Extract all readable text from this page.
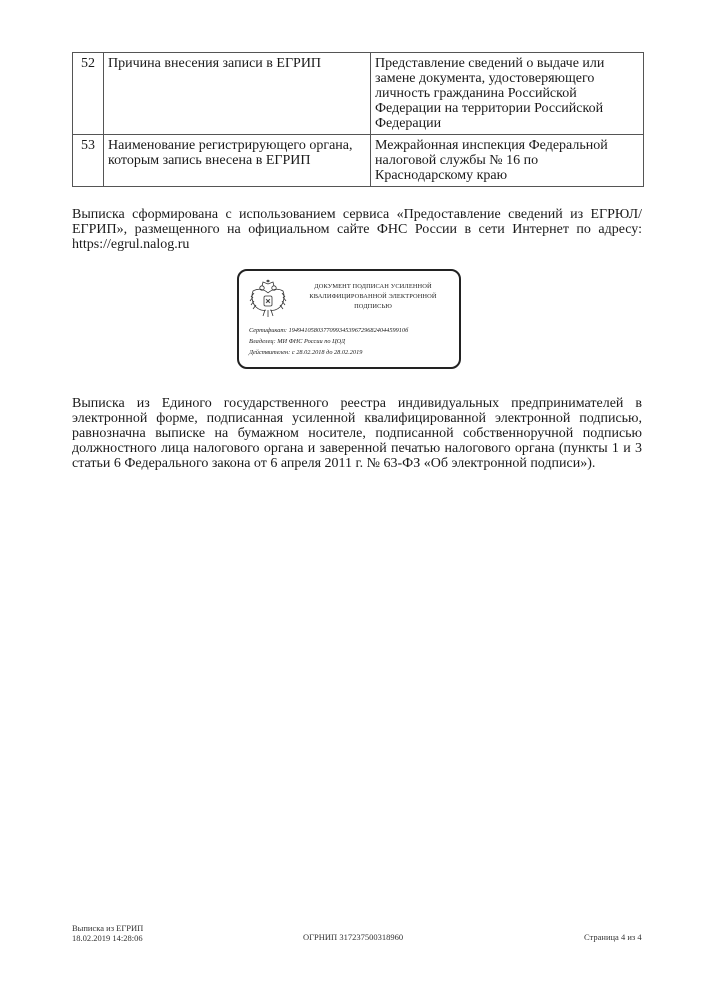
52	Причина внесения записи в ЕГРИП	Представление сведений о выдаче или замене документа, удостоверяющего личность гражданина Российской Федерации на территории Российской Федерации
53	Наименование регистрирующего органа, которым запись внесена в ЕГРИП	Межрайонная инспекция Федеральной налоговой службы № 16 по Краснодарскому краю
Выписка сформирована с использованием сервиса «Предоставление сведений из ЕГРЮЛ/ЕГРИП», размещенного на официальном сайте ФНС России в сети Интернет по адресу: https://egrul.nalog.ru
ДОКУМЕНТ ПОДПИСАН УСИЛЕННОЙ КВАЛИФИЦИРОВАННОЙ ЭЛЕКТРОННОЙ ПОДПИСЬЮ
Сертификат: 1949410580377099345396729682404459910б
Владелец: МИ ФНС России по ЦОД
Действителен: с 28.02.2018 до 28.02.2019
Выписка из Единого государственного реестра индивидуальных предпринимателей в электронной форме, подписанная усиленной квалифицированной электронной подписью, равнозначна выписке на бумажном носителе, подписанной собственноручной подписью должностного лица налогового органа и заверенной печатью налогового органа (пункты 1 и 3 статьи 6 Федерального закона от 6 апреля 2011 г. № 63-ФЗ «Об электронной подписи»).
Выписка из ЕГРИП
18.02.2019 14:28:06	ОГРНИП 317237500318960	Страница 4 из 4
